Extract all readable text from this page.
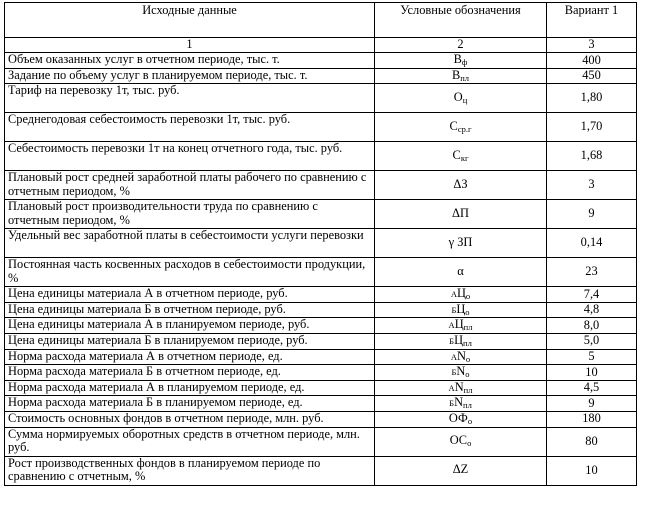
Исходные данные	Условные обозначения	Вариант 1
1	2	3
Объем оказанных услуг в отчетном периоде, тыс. т.	$В_ф$	400
Задание по объему услуг в планируемом периоде, тыс. т.	$В_{пл}$	450
Тариф на перевозку 1т, тыс. руб.	$О_ц$	1,80
Среднегодовая себестоимость перевозки 1т, тыс. руб.	$С_{ср.г}$	1,70
Себестоимость перевозки 1т на конец отчетного года, тыс. руб.	$С_{кг}$	1,68
Плановый рост средней заработной платы рабочего по сравнению с отчетным периодом, %	ΔЗ	3
Плановый рост производительности труда по сравнению с отчетным периодом, %	ΔП	9
Удельный вес заработной платы в себестоимости услуги перевозки	γ ЗП	0,14
Постоянная часть косвенных расходов в себестоимости продукции, %	α	23
Цена единицы материала А в отчетном периоде, руб.	$АЦ_о$	7,4
Цена единицы материала Б в отчетном периоде, руб.	$БЦ_о$	4,8
Цена единицы материала А в планируемом периоде, руб.	$АЦ_{пл}$	8,0
Цена единицы материала Б в планируемом периоде, руб.	$БЦ_{пл}$	5,0
Норма расхода материала А в отчетном периоде, ед.	$АN_о$	5
Норма расхода материала Б в отчетном периоде, ед.	$БN_о$	10
Норма расхода материала А в планируемом периоде, ед.	$АN_{пл}$	4,5
Норма расхода материала Б в планируемом периоде, ед.	$БN_{пл}$	9
Стоимость основных фондов в отчетном периоде, млн. руб.	$ОФ_о$	180
Сумма нормируемых оборотных средств в отчетном периоде, млн. руб.	$ОС_о$	80
Рост производственных фондов в планируемом периоде по сравнению с отчетным, %	ΔZ	10
